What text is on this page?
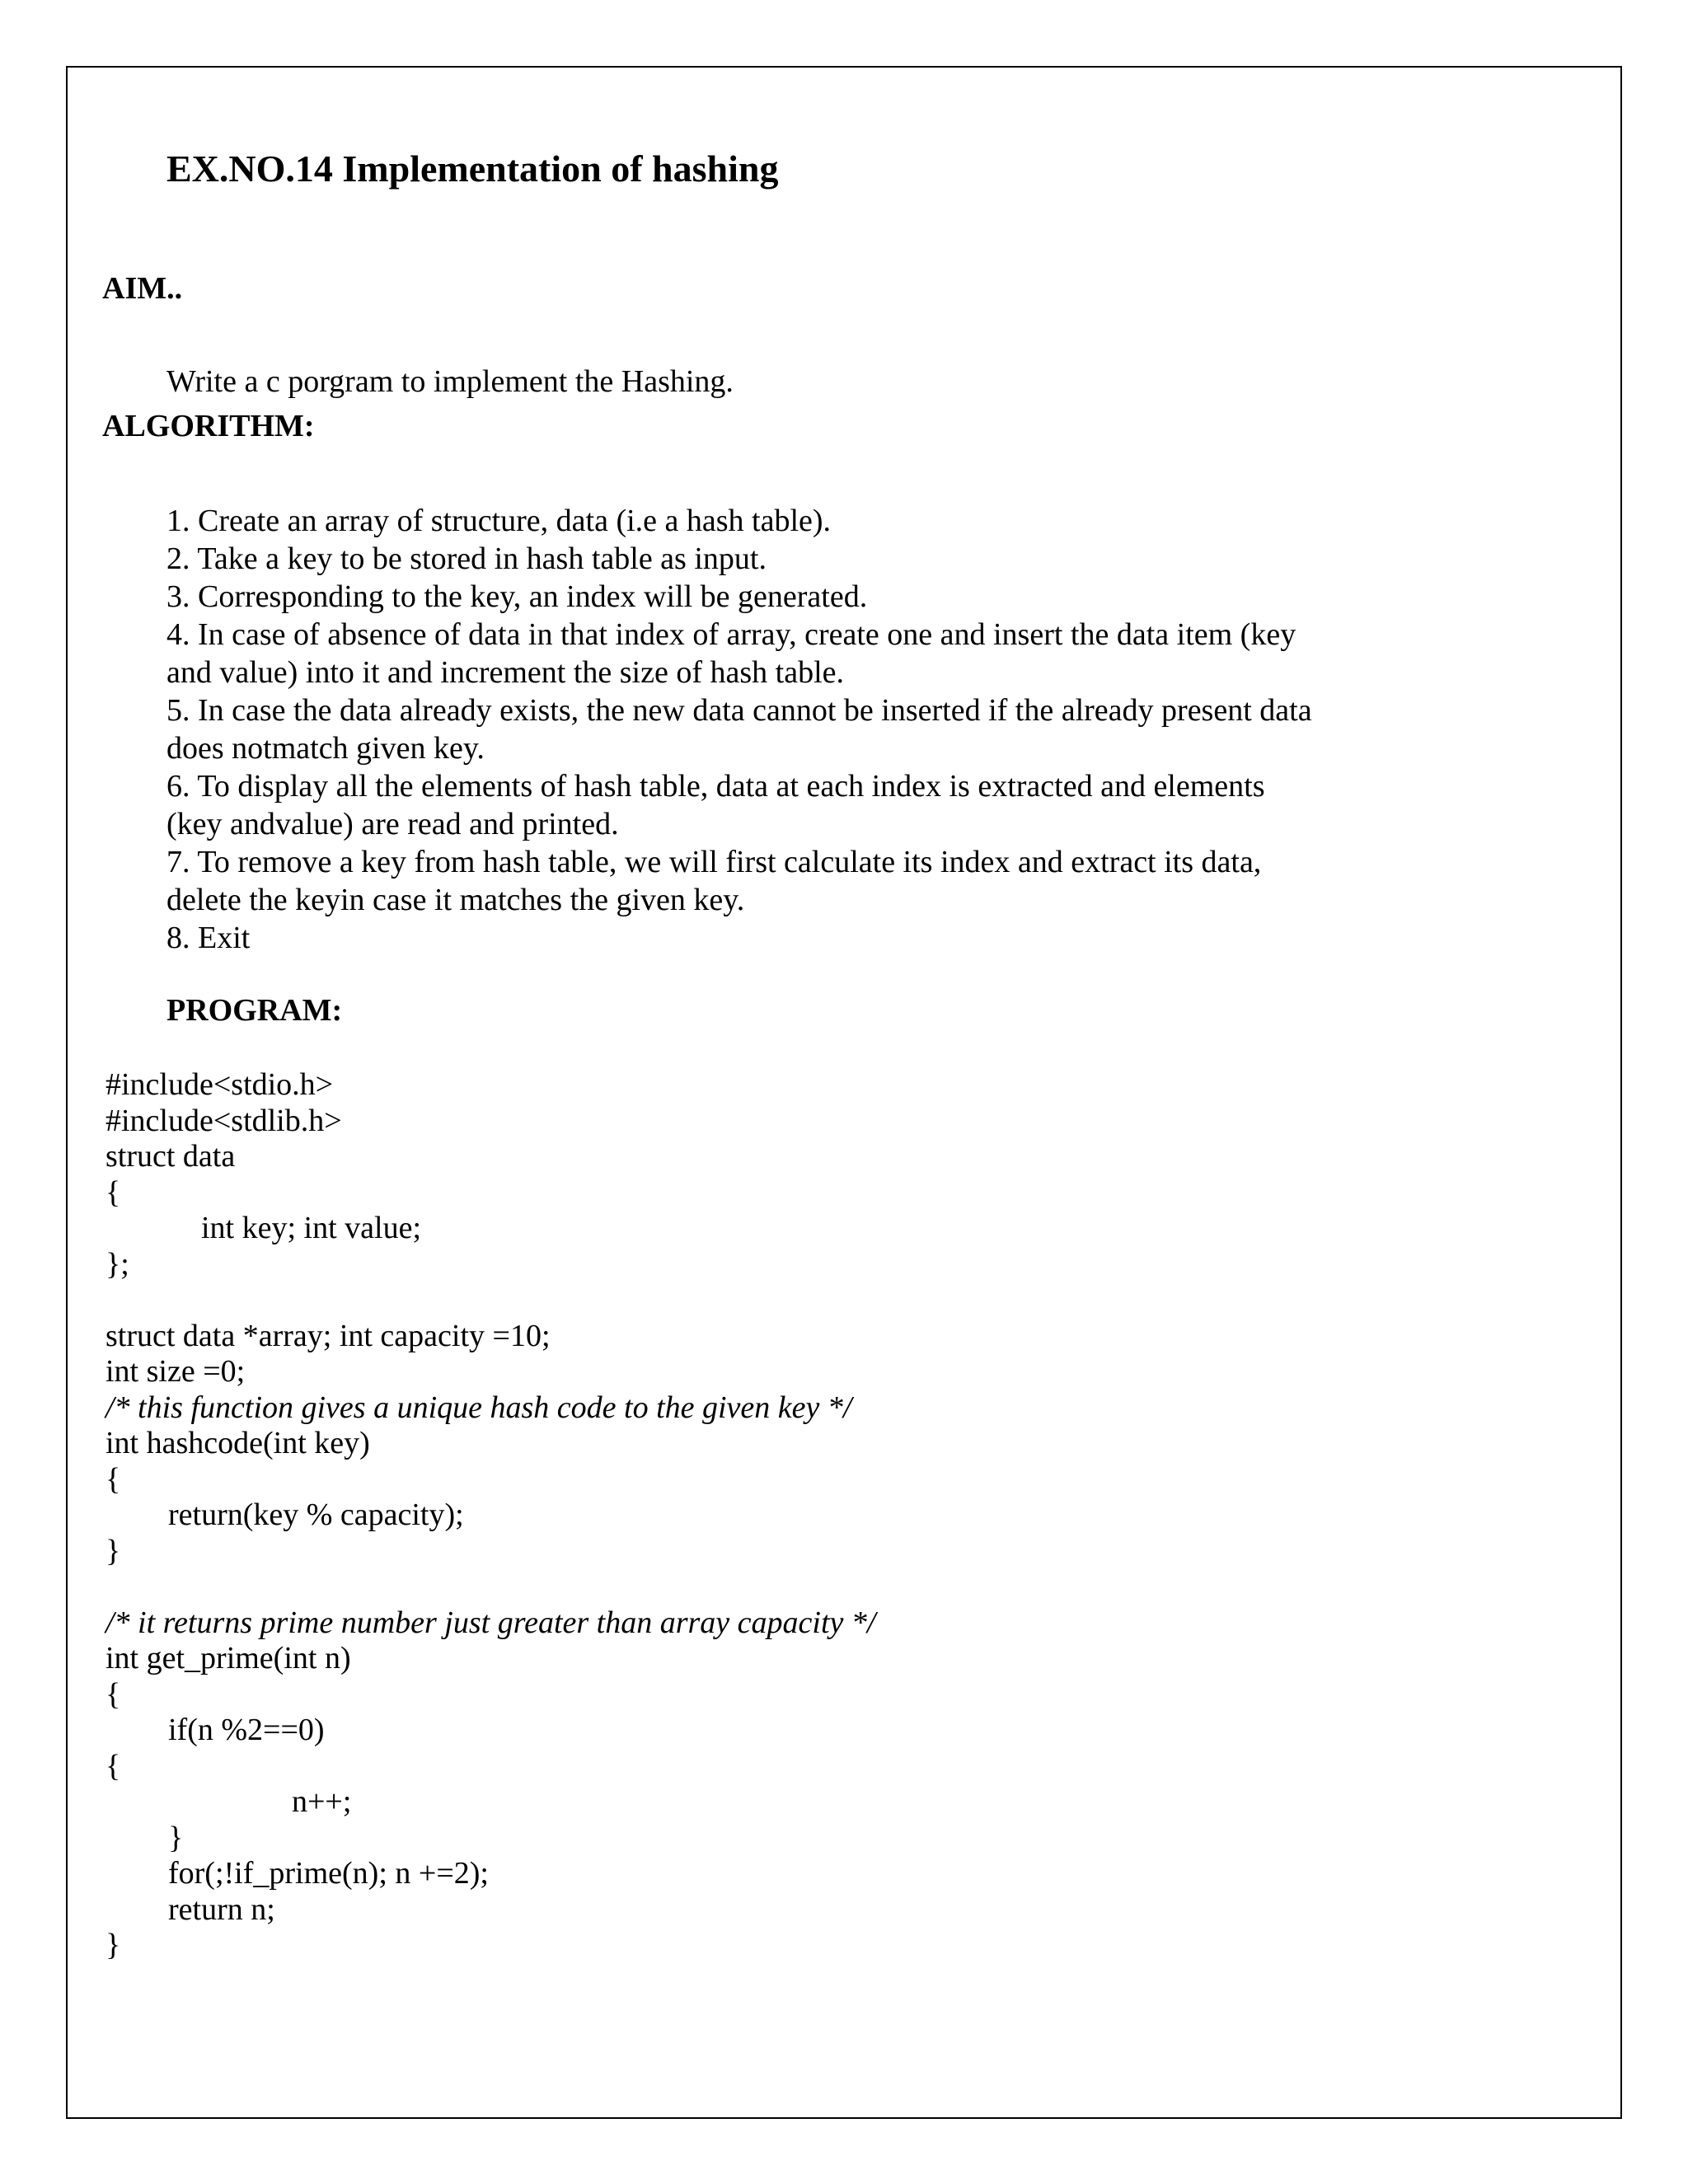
EX.NO.14 Implementation of hashing
AIM..
Write a c porgram to implement the Hashing.
ALGORITHM:
1. Create an array of structure, data (i.e a hash table).
2. Take a key to be stored in hash table as input.
3. Corresponding to the key, an index will be generated.
4. In case of absence of data in that index of array, create one and insert the data item (key
and value) into it and increment the size of hash table.
5. In case the data already exists, the new data cannot be inserted if the already present data
does notmatch given key.
6. To display all the elements of hash table, data at each index is extracted and elements
(key andvalue) are read and printed.
7. To remove a key from hash table, we will first calculate its index and extract its data,
delete the keyin case it matches the given key.
8. Exit
PROGRAM:
#include<stdio.h>
#include<stdlib.h>
struct data
{
int key; int value;
};
struct data *array; int capacity =10;
int size =0;
/* this function gives a unique hash code to the given key */
int hashcode(int key)
{
return(key % capacity);
}
/* it returns prime number just greater than array capacity */
int get_prime(int n)
{
if(n %2==0)
{
n++;
}
for(;!if_prime(n); n +=2);
return n;
}
